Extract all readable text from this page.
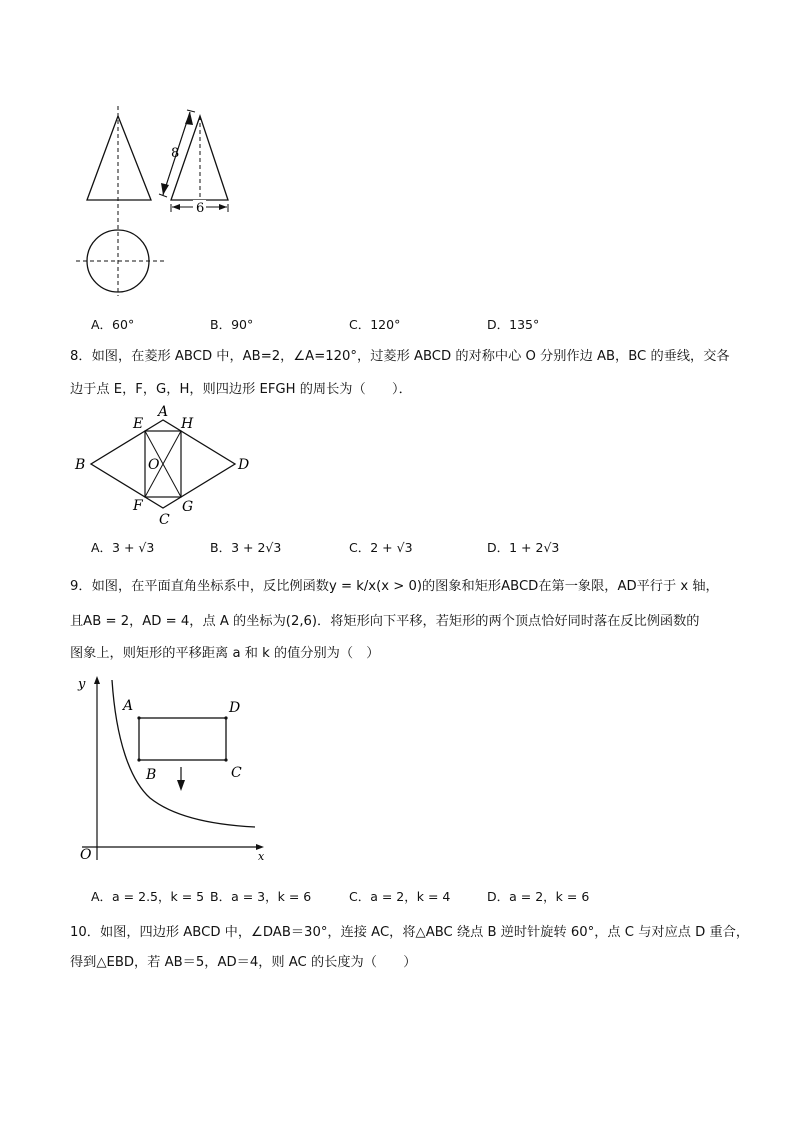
8
6
A．60°	B．90°	C．120°	D．135°
8．如图，在菱形 ABCD 中，AB=2，∠A=120°，过菱形 ABCD 的对称中心 O 分别作边 AB，BC 的垂线，交各
边于点 E，F，G，H，则四边形 EFGH 的周长为（　　）．
A
B
C
D
E
F	G
H
O
A．3 + √3	B．3 + 2√3	C．2 + √3	D．1 + 2√3
9．如图，在平面直角坐标系中，反比例函数y = k/x(x > 0)的图象和矩形ABCD在第一象限，AD平行于 x 轴，
且AB = 2，AD = 4，点 A 的坐标为(2,6)．将矩形向下平移，若矩形的两个顶点恰好同时落在反比例函数的
图象上，则矩形的平移距离 a 和 k 的值分别为（　）
y
x
O
A
B	C
D
A．a = 2.5，k = 5 B．a = 3，k = 6	C．a = 2，k = 4	D．a = 2，k = 6
10．如图，四边形 ABCD 中，∠DAB＝30°，连接 AC，将△ABC 绕点 B 逆时针旋转 60°，点 C 与对应点 D 重合，
得到△EBD，若 AB＝5，AD＝4，则 AC 的长度为（　　）
